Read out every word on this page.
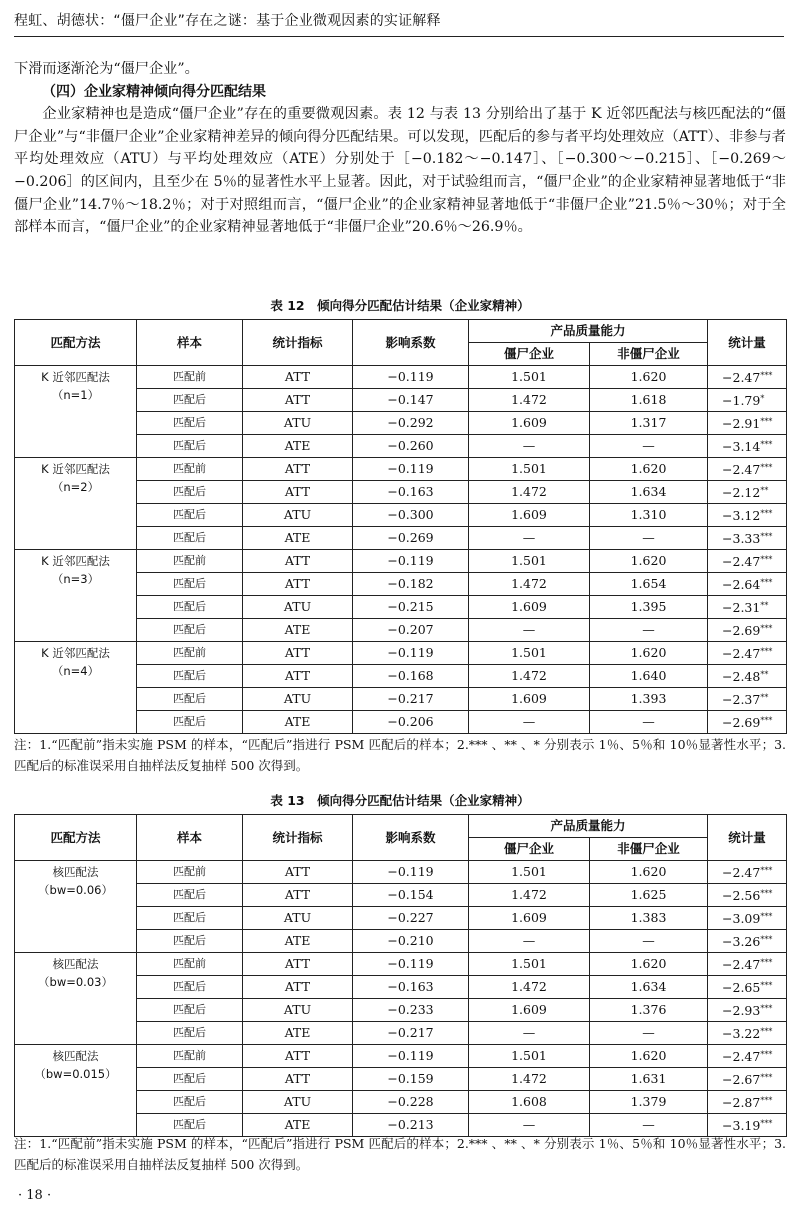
程虹、胡德状：“僵尸企业”存在之谜：基于企业微观因素的实证解释

下滑而逐渐沦为“僵尸企业”。

（四）企业家精神倾向得分匹配结果

企业家精神也是造成“僵尸企业”存在的重要微观因素。表 12 与表 13 分别给出了基于 K 近邻匹配法与核匹配法的“僵尸企业”与“非僵尸企业”企业家精神差异的倾向得分匹配结果。可以发现，匹配后的参与者平均处理效应（ATT）、非参与者平均处理效应（ATU）与平均处理效应（ATE）分别处于［−0.182～−0.147］、［−0.300～−0.215］、［−0.269～−0.206］的区间内，且至少在 5％的显著性水平上显著。因此，对于试验组而言，“僵尸企业”的企业家精神显著地低于“非僵尸企业”14.7％～18.2％；对于对照组而言，“僵尸企业”的企业家精神显著地低于“非僵尸企业”21.5％～30％；对于全部样本而言，“僵尸企业”的企业家精神显著地低于“非僵尸企业”20.6％～26.9％。

表 12　倾向得分匹配估计结果（企业家精神）
匹配方法	样本	统计指标	影响系数	产品质量能力		统计量
				僵尸企业	非僵尸企业	

K 近邻匹配法
（n=1）	匹配前	ATT	−0.119	1.501	1.620	−2.47***
	匹配后	ATT	−0.147	1.472	1.618	−1.79*
	匹配后	ATU	−0.292	1.609	1.317	−2.91***
	匹配后	ATE	−0.260	—	—	−3.14***

K 近邻匹配法
（n=2）	匹配前	ATT	−0.119	1.501	1.620	−2.47***
	匹配后	ATT	−0.163	1.472	1.634	−2.12**
	匹配后	ATU	−0.300	1.609	1.310	−3.12***
	匹配后	ATE	−0.269	—	—	−3.33***

K 近邻匹配法
（n=3）	匹配前	ATT	−0.119	1.501	1.620	−2.47***
	匹配后	ATT	−0.182	1.472	1.654	−2.64***
	匹配后	ATU	−0.215	1.609	1.395	−2.31**
	匹配后	ATE	−0.207	—	—	−2.69***

K 近邻匹配法
（n=4）	匹配前	ATT	−0.119	1.501	1.620	−2.47***
	匹配后	ATT	−0.168	1.472	1.640	−2.48**
	匹配后	ATU	−0.217	1.609	1.393	−2.37**
	匹配后	ATE	−0.206	—	—	−2.69***
注：1.“匹配前”指未实施 PSM 的样本，“匹配后”指进行 PSM 匹配后的样本；2.*** 、** 、* 分别表示 1％、5％和 10％显著性水平；3.匹配后的标准误采用自抽样法反复抽样 500 次得到。
表 13　倾向得分匹配估计结果（企业家精神）
匹配方法	样本	统计指标	影响系数	产品质量能力		统计量
				僵尸企业	非僵尸企业	

核匹配法
（bw=0.06）	匹配前	ATT	−0.119	1.501	1.620	−2.47***
	匹配后	ATT	−0.154	1.472	1.625	−2.56***
	匹配后	ATU	−0.227	1.609	1.383	−3.09***
	匹配后	ATE	−0.210	—	—	−3.26***

核匹配法
（bw=0.03）	匹配前	ATT	−0.119	1.501	1.620	−2.47***
	匹配后	ATT	−0.163	1.472	1.634	−2.65***
	匹配后	ATU	−0.233	1.609	1.376	−2.93***
	匹配后	ATE	−0.217	—	—	−3.22***

核匹配法
（bw=0.015）	匹配前	ATT	−0.119	1.501	1.620	−2.47***
	匹配后	ATT	−0.159	1.472	1.631	−2.67***
	匹配后	ATU	−0.228	1.608	1.379	−2.87***
	匹配后	ATE	−0.213	—	—	−3.19***
注：1.“匹配前”指未实施 PSM 的样本，“匹配后”指进行 PSM 匹配后的样本；2.*** 、** 、* 分别表示 1％、5％和 10％显著性水平；3.匹配后的标准误采用自抽样法反复抽样 500 次得到。
· 18 ·
